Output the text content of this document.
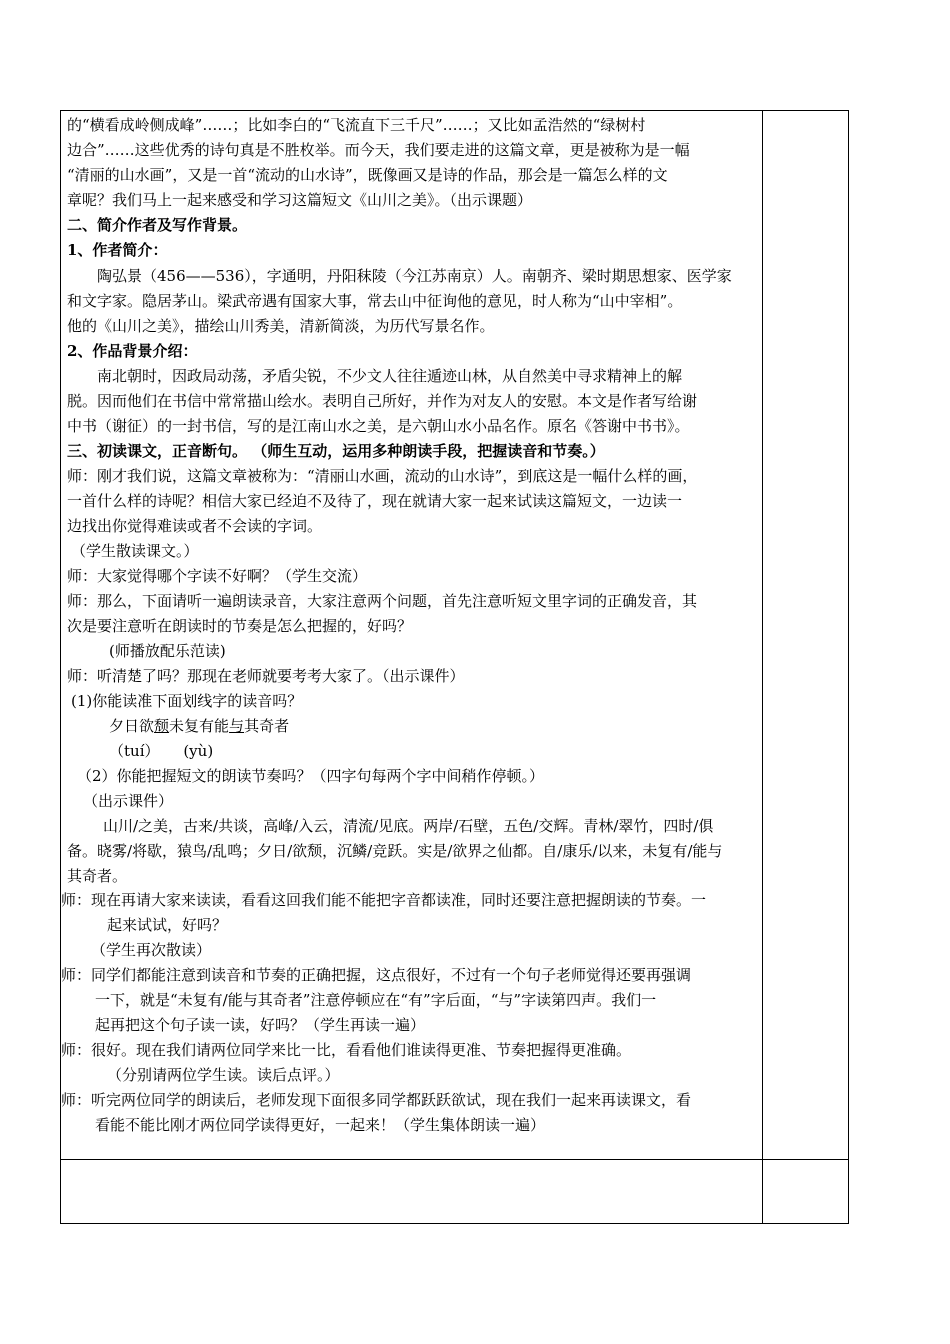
的“横看成岭侧成峰”……；比如李白的“飞流直下三千尺”……；又比如孟浩然的“绿树村
边合”……这些优秀的诗句真是不胜枚举。而今天，我们要走进的这篇文章，更是被称为是一幅
“清丽的山水画”，又是一首“流动的山水诗”，既像画又是诗的作品，那会是一篇怎么样的文
章呢？我们马上一起来感受和学习这篇短文《山川之美》。（出示课题）
二、简介作者及写作背景。
1、作者简介：
陶弘景（456——536），字通明，丹阳秣陵（今江苏南京）人。南朝齐、梁时期思想家、医学家
和文字家。隐居茅山。梁武帝遇有国家大事，常去山中征询他的意见，时人称为“山中宰相”。
他的《山川之美》，描绘山川秀美，清新简淡，为历代写景名作。
2、作品背景介绍：
南北朝时，因政局动荡，矛盾尖锐，不少文人往往遁迹山林，从自然美中寻求精神上的解
脱。因而他们在书信中常常描山绘水。表明自己所好，并作为对友人的安慰。本文是作者写给谢
中书（谢征）的一封书信，写的是江南山水之美，是六朝山水小品名作。原名《答谢中书书》。
三、初读课文，正音断句。 （师生互动，运用多种朗读手段，把握读音和节奏。）
师：刚才我们说，这篇文章被称为：“清丽山水画，流动的山水诗”，到底这是一幅什么样的画，
一首什么样的诗呢？相信大家已经迫不及待了，现在就请大家一起来试读这篇短文，一边读一
边找出你觉得难读或者不会读的字词。
（学生散读课文。）
师：大家觉得哪个字读不好啊？（学生交流）
师：那么，下面请听一遍朗读录音，大家注意两个问题，首先注意听短文里字词的正确发音，其
次是要注意听在朗读时的节奏是怎么把握的，好吗？
(师播放配乐范读)
师：听清楚了吗？那现在老师就要考考大家了。（出示课件）
(1)你能读准下面划线字的读音吗？
夕日欲颓未复有能与其奇者
（tuí）     (yù)
（2）你能把握短文的朗读节奏吗？（四字句每两个字中间稍作停顿。）
（出示课件）
山川/之美，古来/共谈，高峰/入云，清流/见底。两岸/石壁，五色/交辉。青林/翠竹，四时/俱
备。晓雾/将歇，猿鸟/乱鸣；夕日/欲颓，沉鳞/竞跃。实是/欲界之仙都。自/康乐/以来，未复有/能与
其奇者。
师：现在再请大家来读读，看看这回我们能不能把字音都读准，同时还要注意把握朗读的节奏。一
起来试试，好吗？
（学生再次散读）
师：同学们都能注意到读音和节奏的正确把握，这点很好，不过有一个句子老师觉得还要再强调
一下，就是“未复有/能与其奇者”注意停顿应在“有”字后面，“与”字读第四声。我们一
起再把这个句子读一读，好吗？（学生再读一遍）
师：很好。现在我们请两位同学来比一比，看看他们谁读得更准、节奏把握得更准确。
（分别请两位学生读。读后点评。）
师：听完两位同学的朗读后，老师发现下面很多同学都跃跃欲试，现在我们一起来再读课文，看
看能不能比刚才两位同学读得更好，一起来！（学生集体朗读一遍）
